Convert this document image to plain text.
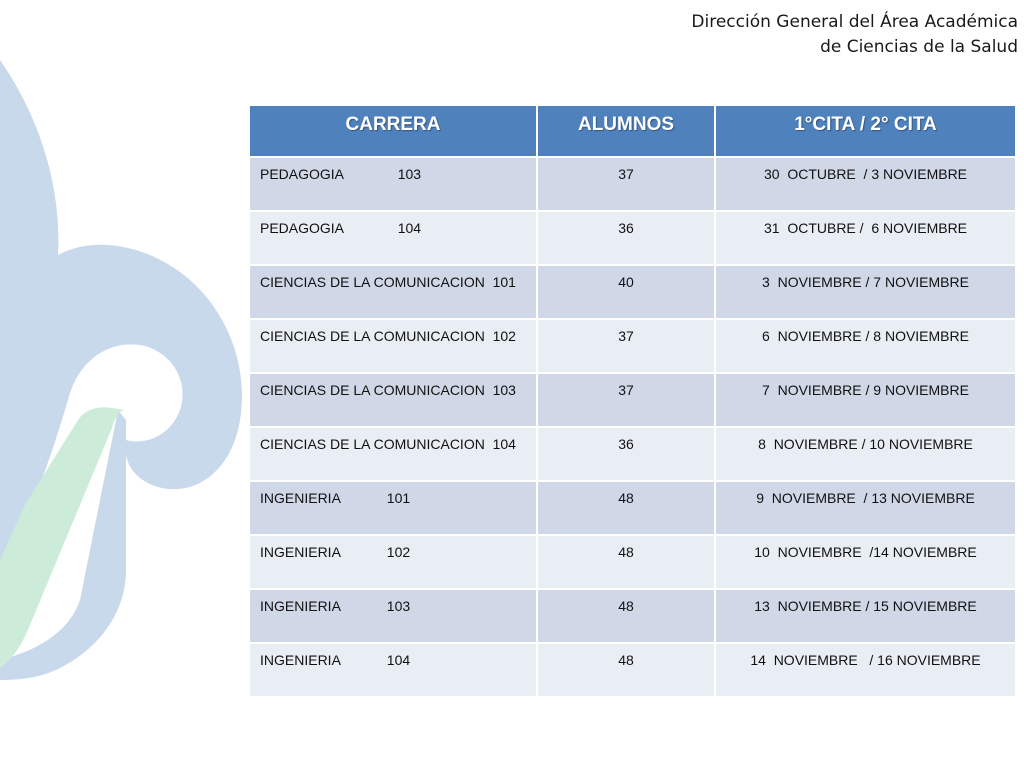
Dirección General del Área Académica
de Ciencias de la Salud
CARRERA	ALUMNOS	1°CITA / 2° CITA
PEDAGOGIA              103	37	30  OCTUBRE  / 3 NOVIEMBRE
PEDAGOGIA              104	36	31  OCTUBRE /  6 NOVIEMBRE
CIENCIAS DE LA COMUNICACION  101	40	3  NOVIEMBRE / 7 NOVIEMBRE
CIENCIAS DE LA COMUNICACION  102	37	6  NOVIEMBRE / 8 NOVIEMBRE
CIENCIAS DE LA COMUNICACION  103	37	7  NOVIEMBRE / 9 NOVIEMBRE
CIENCIAS DE LA COMUNICACION  104	36	8  NOVIEMBRE / 10 NOVIEMBRE
INGENIERIA            101	48	9  NOVIEMBRE  / 13 NOVIEMBRE
INGENIERIA            102	48	10  NOVIEMBRE  /14 NOVIEMBRE
INGENIERIA            103	48	13  NOVIEMBRE / 15 NOVIEMBRE
INGENIERIA            104	48	14  NOVIEMBRE   / 16 NOVIEMBRE
